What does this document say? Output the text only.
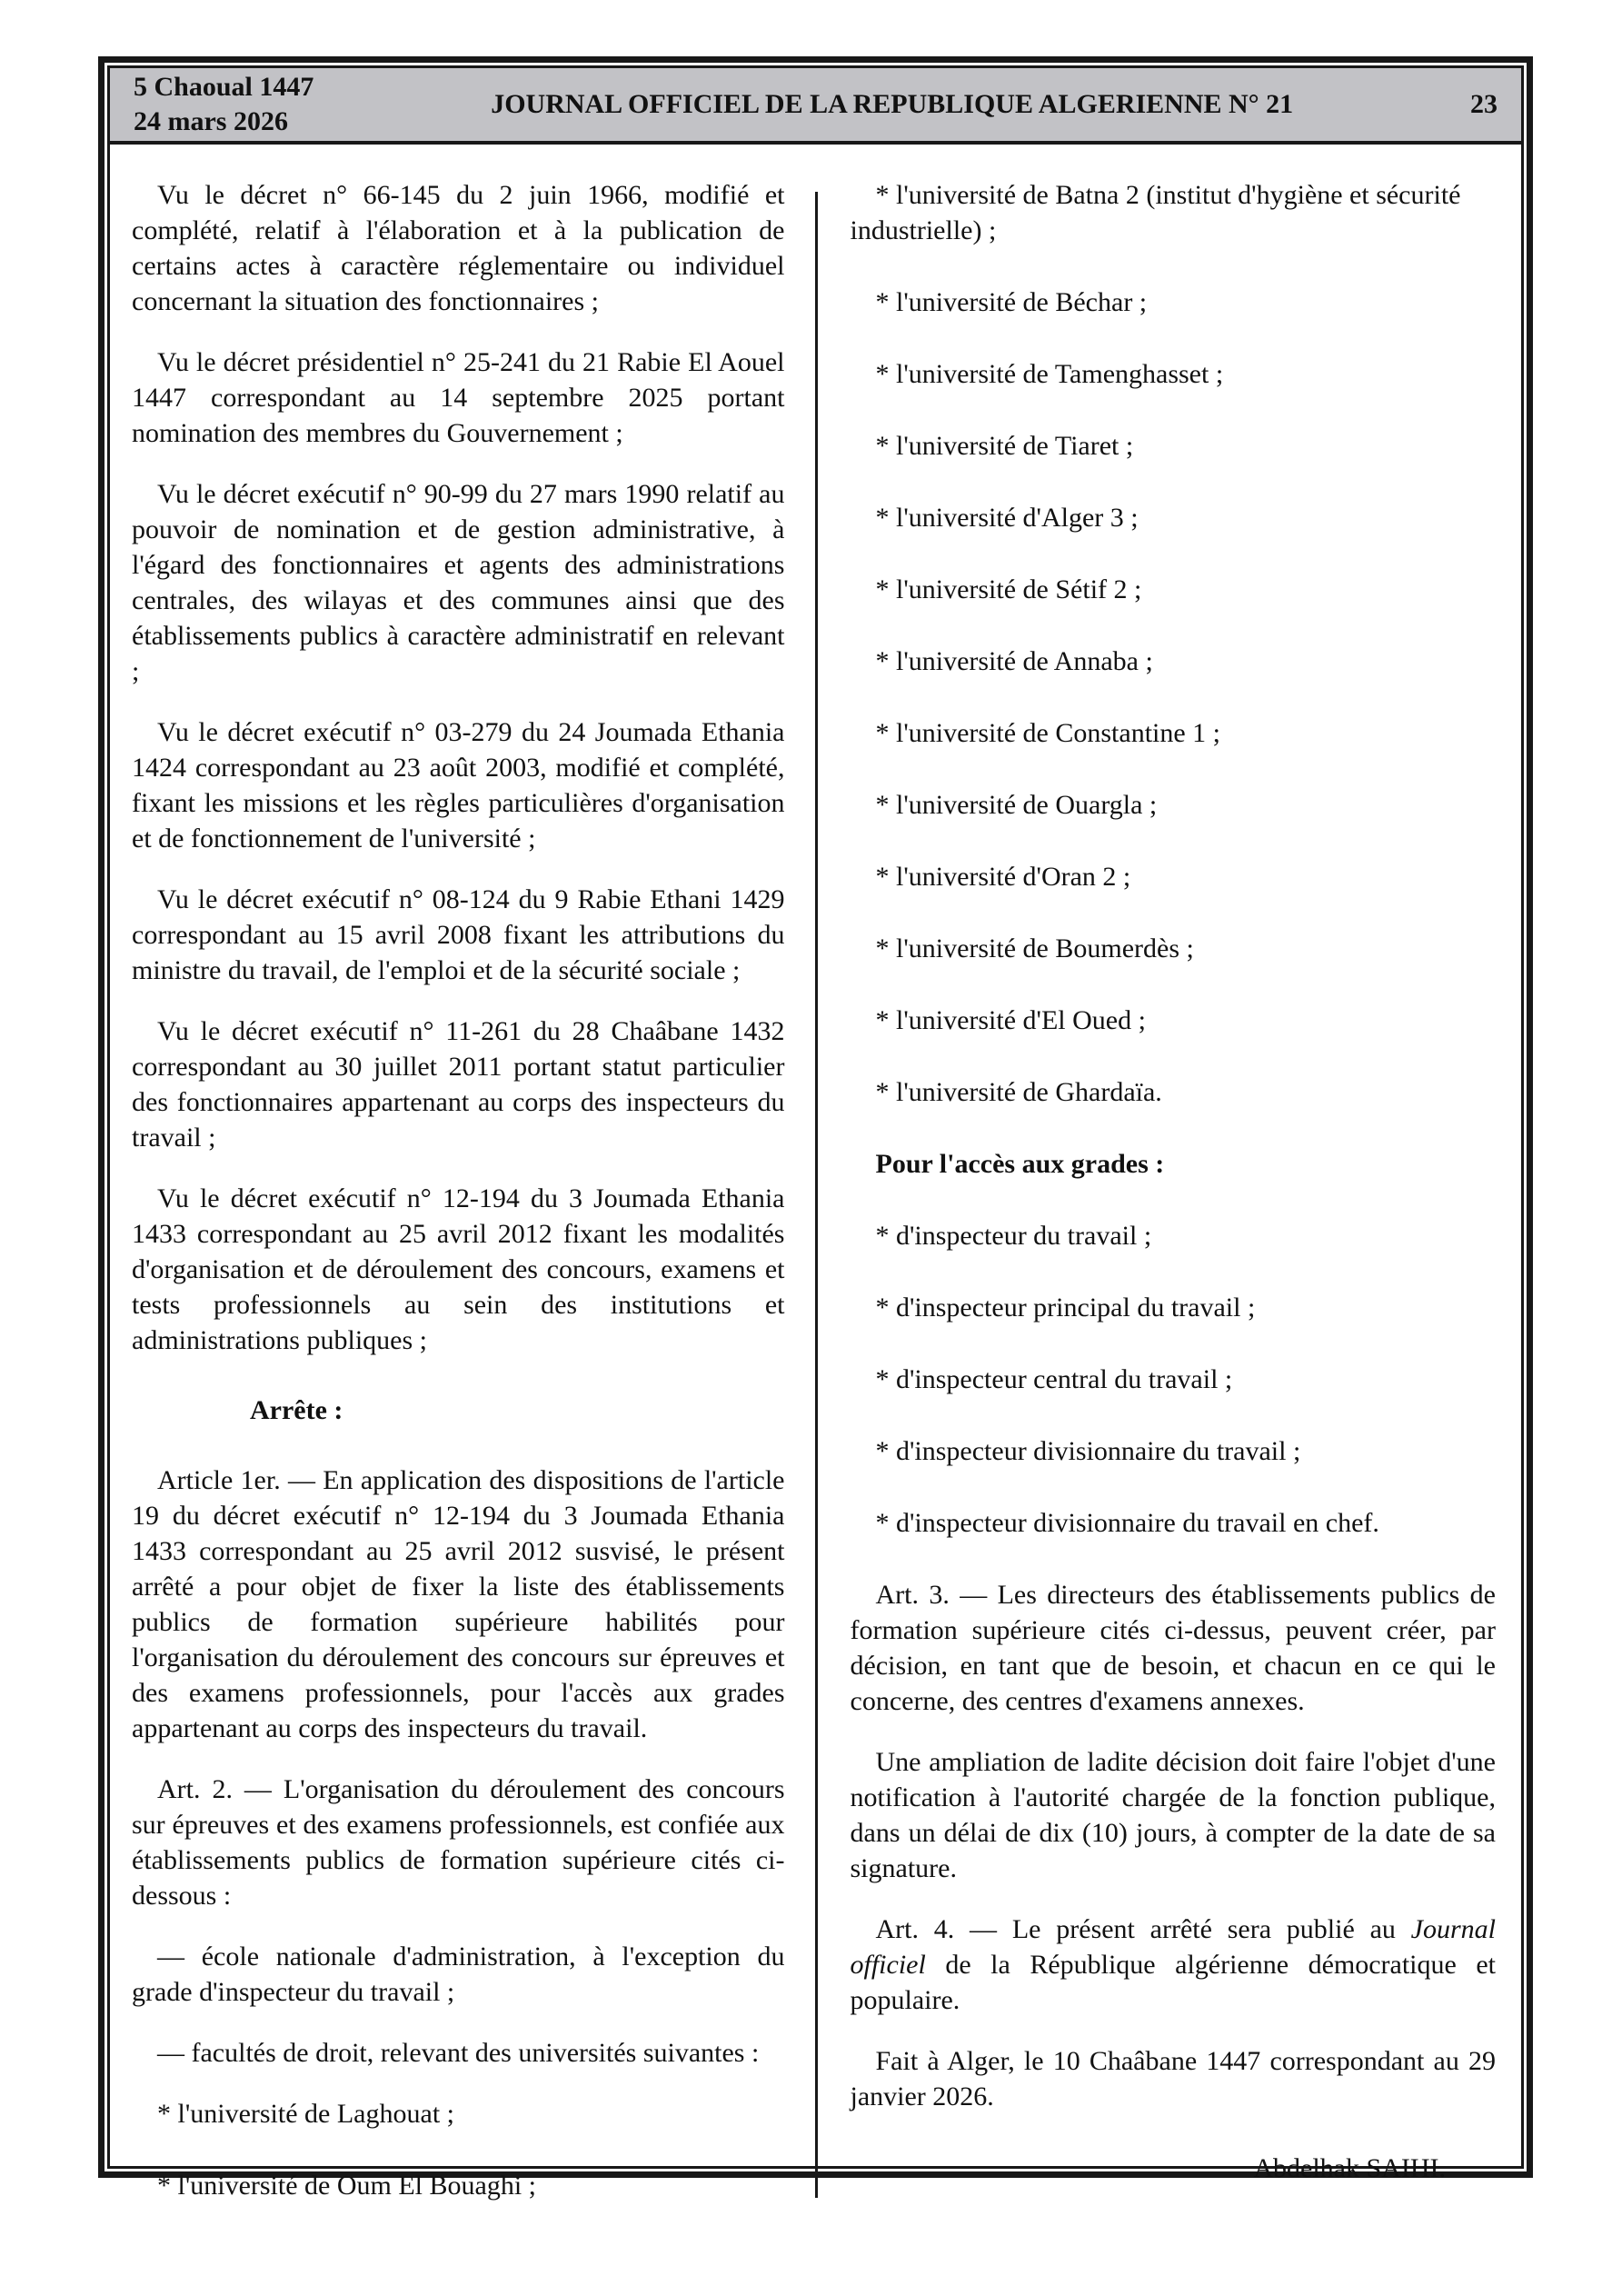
5 Chaoual 1447
24 mars 2026
JOURNAL OFFICIEL DE LA REPUBLIQUE ALGERIENNE N° 21	23
Vu le décret n° 66-145 du 2 juin 1966, modifié et complété, relatif à l'élaboration et à la publication de certains actes à caractère réglementaire ou individuel concernant la situation des fonctionnaires ;
Vu le décret présidentiel n° 25-241 du 21 Rabie El Aouel 1447 correspondant au 14 septembre 2025 portant nomination des membres du Gouvernement ;
Vu le décret exécutif n° 90-99 du 27 mars 1990 relatif au pouvoir de nomination et de gestion administrative, à l'égard des fonctionnaires et agents des administrations centrales, des wilayas et des communes ainsi que des établissements publics à caractère administratif en relevant ;
Vu le décret exécutif n° 03-279 du 24 Joumada Ethania 1424 correspondant au 23 août 2003, modifié et complété, fixant les missions et les règles particulières d'organisation et de fonctionnement de l'université ;
Vu le décret exécutif n° 08-124 du 9 Rabie Ethani 1429 correspondant au 15 avril 2008 fixant les attributions du ministre du travail, de l'emploi et de la sécurité sociale ;
Vu le décret exécutif n° 11-261 du 28 Chaâbane 1432 correspondant au 30 juillet 2011 portant statut particulier des fonctionnaires appartenant au corps des inspecteurs du travail ;
Vu le décret exécutif n° 12-194 du 3 Joumada Ethania 1433 correspondant au 25 avril 2012 fixant les modalités d'organisation et de déroulement des concours, examens et tests professionnels au sein des institutions et administrations publiques ;
Arrête :
Article 1er. — En application des dispositions de l'article 19 du décret exécutif n° 12-194 du 3 Joumada Ethania 1433 correspondant au 25 avril 2012 susvisé, le présent arrêté a pour objet de fixer la liste des établissements publics de formation supérieure habilités pour l'organisation du déroulement des concours sur épreuves et des examens professionnels, pour l'accès aux grades appartenant au corps des inspecteurs du travail.
Art. 2. — L'organisation du déroulement des concours sur épreuves et des examens professionnels, est confiée aux établissements publics de formation supérieure cités ci-dessous :
— école nationale d'administration, à l'exception du grade d'inspecteur du travail ;
— facultés de droit, relevant des universités suivantes :
* l'université de Laghouat ;
* l'université de Oum El Bouaghi ;
* l'université de Batna 2 (institut d'hygiène et sécurité industrielle) ;
* l'université de Béchar ;
* l'université de Tamenghasset ;
* l'université de Tiaret ;
* l'université d'Alger 3 ;
* l'université de Sétif 2 ;
* l'université de Annaba ;
* l'université de Constantine 1 ;
* l'université de Ouargla ;
* l'université d'Oran 2 ;
* l'université de Boumerdès ;
* l'université d'El Oued ;
* l'université de Ghardaïa.
Pour l'accès aux grades :
* d'inspecteur du travail ;
* d'inspecteur principal du travail ;
* d'inspecteur central du travail ;
* d'inspecteur divisionnaire du travail ;
* d'inspecteur divisionnaire du travail en chef.
Art. 3. — Les directeurs des établissements publics de formation supérieure cités ci-dessus, peuvent créer, par décision, en tant que de besoin, et chacun en ce qui le concerne, des centres d'examens annexes.
Une ampliation de ladite décision doit faire l'objet d'une notification à l'autorité chargée de la fonction publique, dans un délai de dix (10) jours, à compter de la date de sa signature.
Art. 4. — Le présent arrêté sera publié au Journal officiel de la République algérienne démocratique et populaire.
Fait à Alger, le 10 Chaâbane 1447 correspondant au 29 janvier 2026.
Abdelhak SAIHI.
